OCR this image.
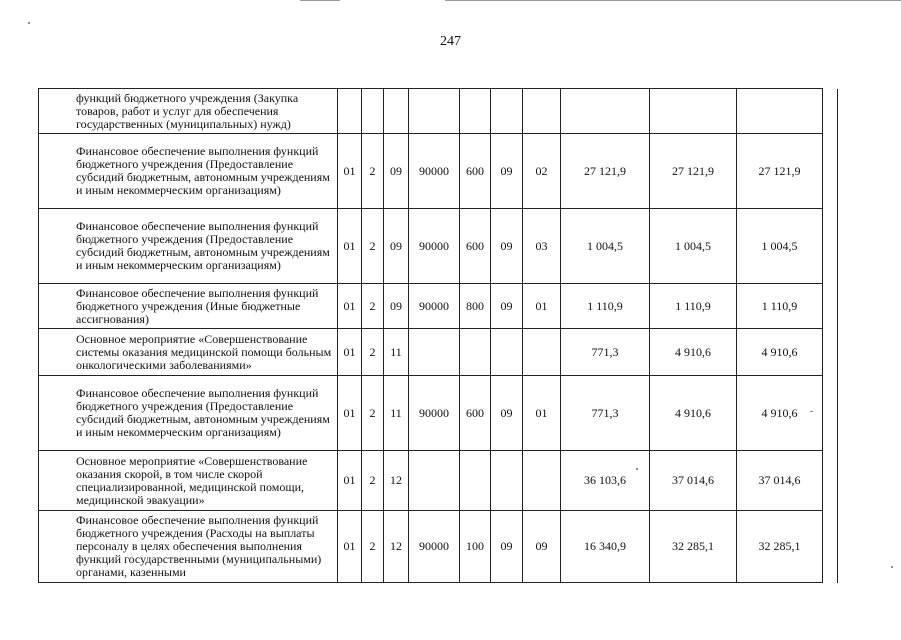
247
функций бюджетного учреждения (Закупка товаров, работ и услуг для обеспечения государственных (муниципальных) нужд)											
Финансовое обеспечение выполнения функций бюджетного учреждения (Предоставление субсидий бюджетным, автономным учреждениям и иным некоммерческим организациям)	01	2	09	90000	600	09	02	27 121,9	27 121,9	27 121,9	
Финансовое обеспечение выполнения функций бюджетного учреждения (Предоставление субсидий бюджетным, автономным учреждениям и иным некоммерческим организациям)	01	2	09	90000	600	09	03	1 004,5	1 004,5	1 004,5	
Финансовое обеспечение выполнения функций бюджетного учреждения (Иные бюджетные ассигнования)	01	2	09	90000	800	09	01	1 110,9	1 110,9	1 110,9	
Основное мероприятие «Совершенствование системы оказания медицинской помощи больным онкологическими заболеваниями»	01	2	11					771,3	4 910,6	4 910,6	
Финансовое обеспечение выполнения функций бюджетного учреждения (Предоставление субсидий бюджетным, автономным учреждениям и иным некоммерческим организациям)	01	2	11	90000	600	09	01	771,3	4 910,6	4 910,6	
Основное мероприятие «Совершенствование оказания скорой, в том числе скорой специализированной, медицинской помощи, медицинской эвакуации»	01	2	12					36 103,6	37 014,6	37 014,6	
Финансовое обеспечение выполнения функций бюджетного учреждения (Расходы на выплаты персоналу в целях обеспечения выполнения функций государственными (муниципальными) органами, казенными	01	2	12	90000	100	09	09	16 340,9	32 285,1	32 285,1	
-
